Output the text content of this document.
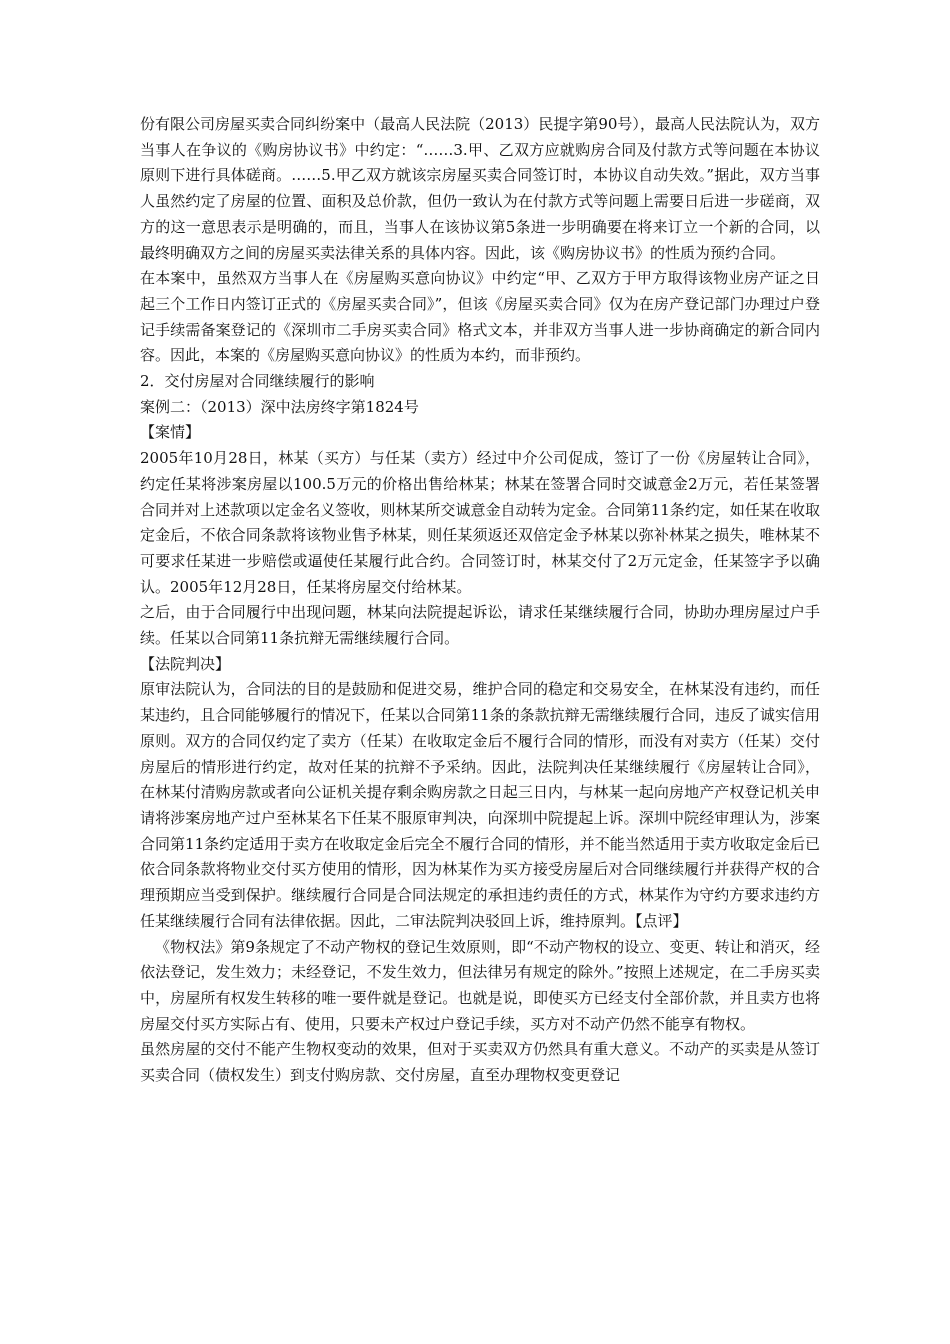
份有限公司房屋买卖合同纠纷案中（最高人民法院（2013）民提字第90号），最高人民法院认为，双方当事人在争议的《购房协议书》中约定：“……3.甲、乙双方应就购房合同及付款方式等问题在本协议原则下进行具体磋商。……5.甲乙双方就该宗房屋买卖合同签订时，本协议自动失效。”据此，双方当事人虽然约定了房屋的位置、面积及总价款，但仍一致认为在付款方式等问题上需要日后进一步磋商，双方的这一意思表示是明确的，而且，当事人在该协议第5条进一步明确要在将来订立一个新的合同，以最终明确双方之间的房屋买卖法律关系的具体内容。因此，该《购房协议书》的性质为预约合同。

在本案中，虽然双方当事人在《房屋购买意向协议》中约定“甲、乙双方于甲方取得该物业房产证之日起三个工作日内签订正式的《房屋买卖合同》”，但该《房屋买卖合同》仅为在房产登记部门办理过户登记手续需备案登记的《深圳市二手房买卖合同》格式文本，并非双方当事人进一步协商确定的新合同内容。因此，本案的《房屋购买意向协议》的性质为本约，而非预约。

2．交付房屋对合同继续履行的影响

案例二：（2013）深中法房终字第1824号

【案情】

2005年10月28日，林某（买方）与任某（卖方）经过中介公司促成，签订了一份《房屋转让合同》，约定任某将涉案房屋以100.5万元的价格出售给林某；林某在签署合同时交诚意金2万元，若任某签署合同并对上述款项以定金名义签收，则林某所交诚意金自动转为定金。合同第11条约定，如任某在收取定金后，不依合同条款将该物业售予林某，则任某须返还双倍定金予林某以弥补林某之损失，唯林某不可要求任某进一步赔偿或逼使任某履行此合约。合同签订时，林某交付了2万元定金，任某签字予以确认。2005年12月28日，任某将房屋交付给林某。

之后，由于合同履行中出现问题，林某向法院提起诉讼，请求任某继续履行合同，协助办理房屋过户手续。任某以合同第11条抗辩无需继续履行合同。

【法院判决】

原审法院认为，合同法的目的是鼓励和促进交易，维护合同的稳定和交易安全，在林某没有违约，而任某违约，且合同能够履行的情况下，任某以合同第11条的条款抗辩无需继续履行合同，违反了诚实信用原则。双方的合同仅约定了卖方（任某）在收取定金后不履行合同的情形，而没有对卖方（任某）交付房屋后的情形进行约定，故对任某的抗辩不予采纳。因此，法院判决任某继续履行《房屋转让合同》，在林某付清购房款或者向公证机关提存剩余购房款之日起三日内，与林某一起向房地产产权登记机关申请将涉案房地产过户至林某名下任某不服原审判决，向深圳中院提起上诉。深圳中院经审理认为，涉案合同第11条约定适用于卖方在收取定金后完全不履行合同的情形，并不能当然适用于卖方收取定金后已依合同条款将物业交付买方使用的情形，因为林某作为买方接受房屋后对合同继续履行并获得产权的合理预期应当受到保护。继续履行合同是合同法规定的承担违约责任的方式，林某作为守约方要求违约方任某继续履行合同有法律依据。因此，二审法院判决驳回上诉，维持原判。【点评】

《物权法》第9条规定了不动产物权的登记生效原则，即“不动产物权的设立、变更、转让和消灭，经依法登记，发生效力；未经登记，不发生效力，但法律另有规定的除外。”按照上述规定，在二手房买卖中，房屋所有权发生转移的唯一要件就是登记。也就是说，即使买方已经支付全部价款，并且卖方也将房屋交付买方实际占有、使用，只要未产权过户登记手续，买方对不动产仍然不能享有物权。

虽然房屋的交付不能产生物权变动的效果，但对于买卖双方仍然具有重大意义。不动产的买卖是从签订买卖合同（债权发生）到支付购房款、交付房屋，直至办理物权变更登记
